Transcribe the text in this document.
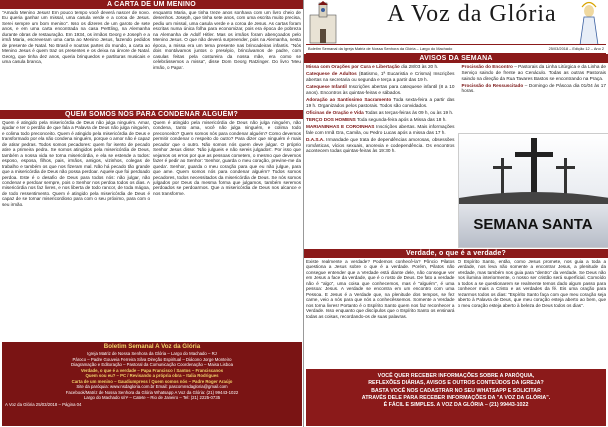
A CARTA DE UM MENINO
"Amado Menino Jesus! Em pouco tempo você deverá nascer de novo. Eu queria ganhar um missal, uma casula verde e a coroa de Jesus. Serei sempre um bom menino". Isso os dizeres de um garoto de sete anos, e em uma carta encontrada na casa Perttling, na Alemanha durante obras de restauração. Em 1934, os irmãos Georg e Joseph e a irmã Maria, escreveram uma carta ao Menino Jesus, fazendo pedidos de presente de Natal. No Brasil e noutras partes do mundo, a carta ao Menino Jesus é quem traz os presentes e os deixa na árvore de Natal. Georg, que tinha dez anos, queria brinquedos e partituras musicais e uma casula branca,
enquanto Maria, que tinha treze anos sonhava com um livro cheio de desenhos. Joseph, que tinha sete anos, com uma escrita muito precisa, pediu um missal, uma casula verde e a coroa de Jesus. As cartas foram escritas numa única folha para economizar, pois era época de pobreza na Alemanha de Adolf Hitler. Mas os irmãos foram abençoados pelo Menino Jesus. O que não deverá surpreender, pois na Alemanha, nesta época, a missa era um tema presente nas brincadeiras infantis. "Nós dois montávamos juntos o presépio, brincávamos de padre, com casulas feitas pela costureira da nossa mãe, era como se celebrássemos a missa", disse Dom Georg Ratzinger. Do livro 'Meu irmão, o Papa'.
QUEM SOMOS NÓS PARA CONDENAR ALGUÉM?
Quem é atingido pela misericórdia de Deus não julga ninguém. Amar, ajudar e ter o perdão de que fala a Palavra de Deus não julga ninguém, e colima todo preconceito. Quem é atingido pela misericórdia de Deus e transformado por ela não condena ninguém, porque o amor não é capaz de atirar pedras. Todos somos pecadores: quem for isento de pecado atire a primeira pedra. Se somos atingidos pela misericórdia de Deus, também a nossa vida se torna misericórdia, e ela se estende a todos: esposo, esposa, filhos, pais, irmãos, amigos, vizinhos, colegas de trabalho e também os que nos fizeram mal. Não há pecado tão grande que a misericórdia de Deus não possa perdoar. Aquele que foi perdoado perdoa. Este é o desafio de Deus para todos nós: não julgar, não condenar e perdoar sempre, pois o Senhor nos perdoa todos os dias. A misericórdia nos faz livres, e nos liberta de todo rancor, de toda mágoa, de todo ressentimento. Quem é atingido pela misericórdia de Deus é capaz de se tornar misericordioso para com o seu próximo, para com o seu irmão.
Quem é atingido pela misericórdia de Deus não julga ninguém, não condena, tanto ama, você não julga ninguém, e colima todo preconceito? Quem somos nós para condenar alguém? Como devemos permitir condenar o respeito do outro? Para dizer que ninguém é mais pecador que o outro. Não somos nós quem deve julgar. O próprio Senhor Jesus disse: 'Não julgueis e não sereis julgados'. Por isso que vejamos os erros por que as pessoas cometem, o mesmo que devemos fazer é pedir ao Senhor: 'Senhor, guarda o meu coração, previne-me da queda'. Senhor, guarda o meu coração para que eu não julgue, para que ame. Quem somos nós para condenar alguém? Todos somos pecadores, todos necessitados da misericórdia de Deus. Se nós somos julgados por Deus da mesma forma que julgamos, também seremos perdoados se perdoarmos. Que a misericórdia de Deus nos alcance e nos transforme.
Boletim Semanal A Voz da Glória
Igreja Matriz de Nossa Senhora da Glória – Largo do Machado – RJ
Pároco – Padre Gouveia Ferreira Silva Direção Espiritual – Diácono Jorge Monteiro
Diagramação e Editoração – Pastoral da Comunicação Coordenação – Maisa Lisboa
Verdade, o que é a verdade – Papa Francisco / Santos – Franciscanos
Quem sou eu? – PC / Revisando a própria obra – Italia Rodrigues
Carta de um menino – Gaudiumpress / Quem somos nós – Padre Roger Araújo
Site da paróquia: www.nsdagloria.com.br Email: pascomnsdagloria@gmail.com
Facebook/Matriz de Nossa Senhora da Glória Whatsapp A Voz da Glória: (21) 99443-1022
Largo do Machado s/nº – Catete – Rio de Janeiro – Tel: (21) 2225-0735
A Voz da Glória 25/03/2018 – Página 04
A Voz da Glória
Boletim Semanal da Igreja Matriz de Nossa Senhora da Glória – Largo do Machado	25/03/2018 – Edição 12 – Ano 2
AVISOS DA SEMANA

Missa com Orações por Cura e Libertação dia 28/03 às 20 h.

Catequese de Adultos (Batismo, 1ª Eucaristia e Crisma) Inscrições abertas na secretaria ou segunda e terça a partir das 19 h.

Catequese Infantil Inscrições abertas para catequese infantil (8 a 10 anos). Encontros às quintas-feiras e sábados.

Adoração ao Santíssimo Sacramento Toda sexta-feira a partir das 19 h. Organizados pelos pastorais. Todos são convidados.

Oficinas de Oração e Vida Todas as terças-feiras às 09 h, ou às 19 h.

TERÇO DOS HOMENS Toda segunda-feira após a Missa das 18 h.

MARIANINHAS E COROINHAS Inscrições abertas. Mais informações fale com Irmã Gra, Camila, ou Pedro Lucas após a missa das 17 h.

D.A.S.A. Irmandade que trata de dependências amorosas, obsessões românticas, vícios sexuais, anorexia e codependência. Os encontros acontecem todas quintas-feiras às 19:30 h.

Procissão do Encontro – Pastorais da Linha Litúrgica e da Linha de Serviço saindo de frente ao Cenáculo. Todas as outras Pastorais saindo na direção da Rua Tavares Bastos se encontrando na Praça.

Procissão do Ressuscitado – Domingo de Páscoa dia 01/04 às 17 horas.

SEMANA SANTA
Verdade, o que é a verdade?
Existe realmente a verdade? Podemos conhecê-la? Pôncio Pilatos questiona a Jesus sobre o que é a verdade. Porém, Pilatos não consegue entender que a Verdade está diante dele, não consegue ver em Jesus a face da verdade, que é o rosto de Deus. De fato a verdade não é "algo", uma coisa que conhecemos, mas é "alguém", é uma pessoa: Jesus. A verdade se encontra em um encontro com uma Pessoa. E Jesus é a Verdade que, na plenitude dos tempos, se fez carne, veio a nós para que nós a conhecêssemos. Somente a Verdade nos torna livres! Portanto é o Espírito Santo quem nos faz reconhecer a Verdade. Isso enquanto que discípulos que o Espírito Santo os ensinará todas as coisas, recordando-os de suas palavras.
O Espírito Santo, então, como Jesus promete, nos guia a toda a verdade, nos leva não somente a encontrar Jesus, a plenitude da Verdade, mas também nos guia para "dentro" da verdade. Se Deus não nos ilumina interiormente, o nosso ser cristão será superficial. Comoído a todos a se questionarem se realmente temos dado algum passo para conhecer mais a Cristo e as verdades da fé. Eis uma oração para rezarmos todos os dias: "Espírito Santo faça com que meu coração seja aberto à Palavra de Deus, que meu coração esteja aberto ao bem, que o meu coração esteja aberto à beleza de Deus todos os dias".
VOCÊ QUER RECEBER INFORMAÇÕES SOBRE A PARÓQUIA,
REFLEXÕES DIÁRIAS, AVISOS E OUTROS CONTEÚDOS DA IGREJA?
BASTA VOCÊ NOS CADASTRAR NO SEU WHATSAPP E SOLICITAR
ATRAVÉS DELE PARA RECEBER INFORMAÇÕES DA "A VOZ DA GLÓRIA".
É FÁCIL E SIMPLES. A VOZ DA GLÓRIA – (21) 99443-1022
